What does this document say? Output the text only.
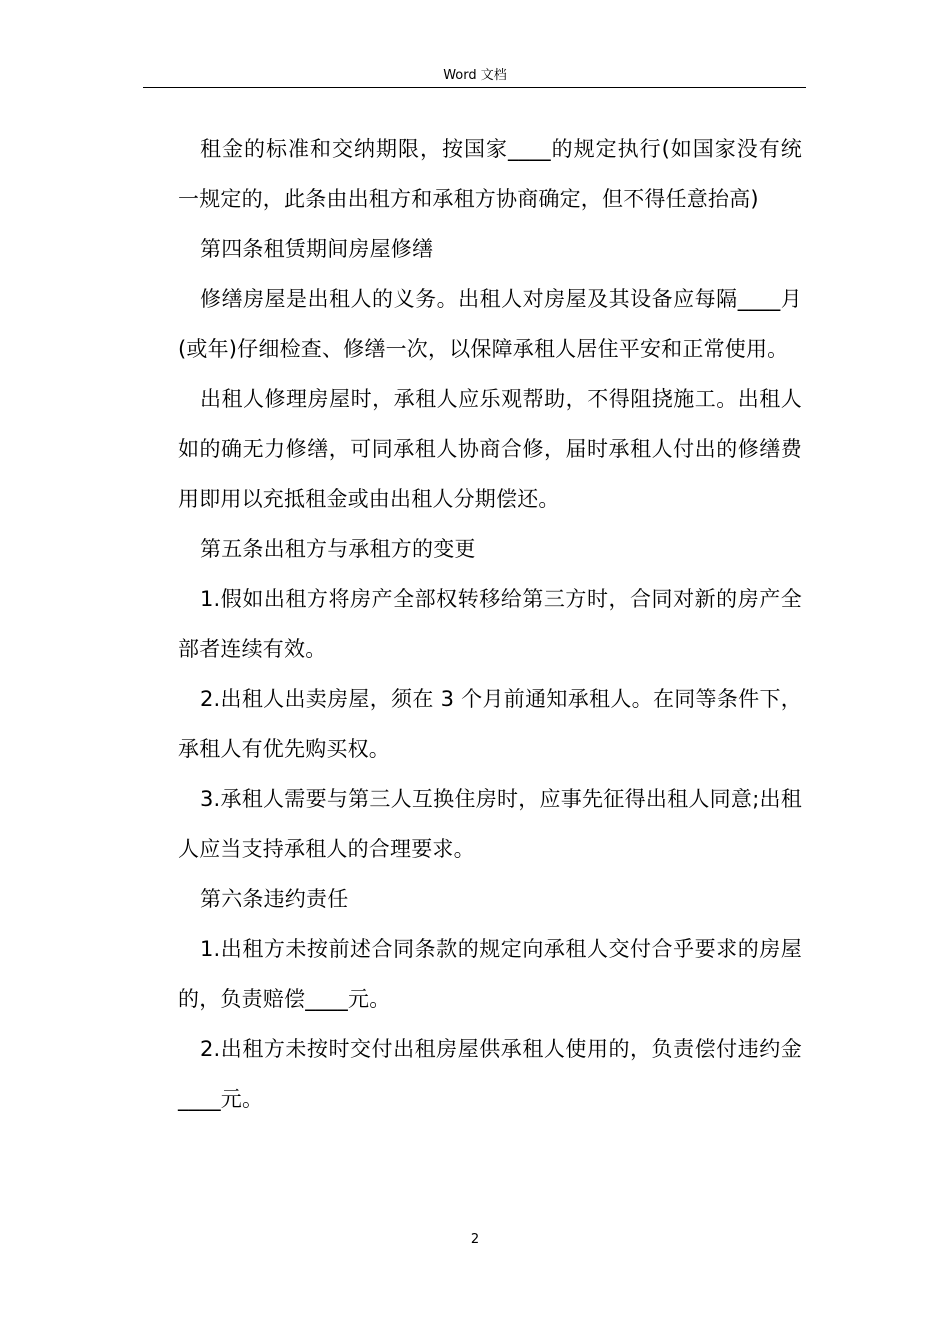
Word 文档

租金的标准和交纳期限，按国家____的规定执行(如国家没有统一规定的，此条由出租方和承租方协商确定，但不得任意抬高)

第四条租赁期间房屋修缮

修缮房屋是出租人的义务。出租人对房屋及其设备应每隔____月(或年)仔细检查、修缮一次，以保障承租人居住平安和正常使用。

出租人修理房屋时，承租人应乐观帮助，不得阻挠施工。出租人如的确无力修缮，可同承租人协商合修，届时承租人付出的修缮费用即用以充抵租金或由出租人分期偿还。

第五条出租方与承租方的变更

1.假如出租方将房产全部权转移给第三方时，合同对新的房产全部者连续有效。

2.出租人出卖房屋，须在 3 个月前通知承租人。在同等条件下，承租人有优先购买权。

3.承租人需要与第三人互换住房时，应事先征得出租人同意;出租人应当支持承租人的合理要求。

第六条违约责任

1.出租方未按前述合同条款的规定向承租人交付合乎要求的房屋的，负责赔偿____元。

2.出租方未按时交付出租房屋供承租人使用的，负责偿付违约金____元。

2
